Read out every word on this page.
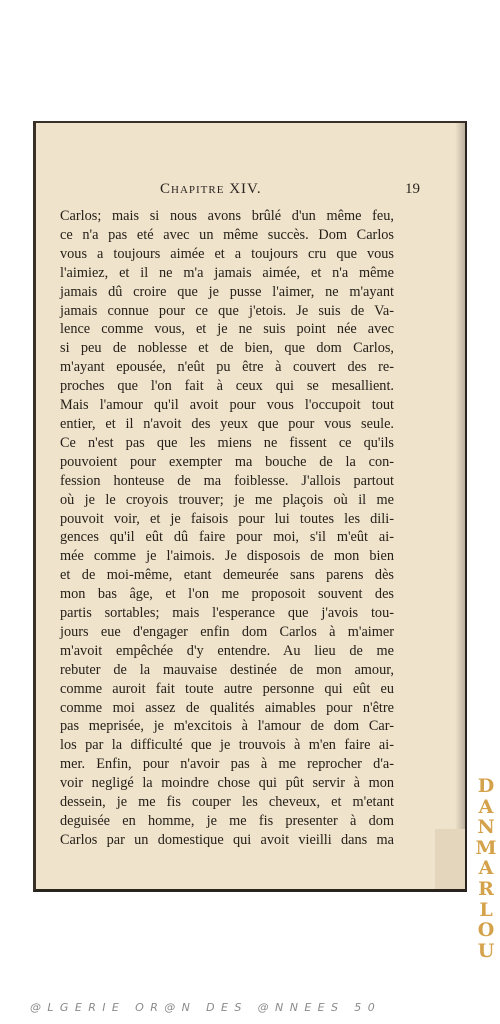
Chapitre XIV.	19
Carlos; mais si nous avons brûlé d'un même feu,
ce n'a pas eté avec un même succès. Dom Carlos
vous a toujours aimée et a toujours cru que vous
l'aimiez, et il ne m'a jamais aimée, et n'a même
jamais dû croire que je pusse l'aimer, ne m'ayant
jamais connue pour ce que j'etois. Je suis de Va-
lence comme vous, et je ne suis point née avec
si peu de noblesse et de bien, que dom Carlos,
m'ayant epousée, n'eût pu être à couvert des re-
proches que l'on fait à ceux qui se mesallient.
Mais l'amour qu'il avoit pour vous l'occupoit tout
entier, et il n'avoit des yeux que pour vous seule.
Ce n'est pas que les miens ne fissent ce qu'ils
pouvoient pour exempter ma bouche de la con-
fession honteuse de ma foiblesse. J'allois partout
où je le croyois trouver; je me plaçois où il me
pouvoit voir, et je faisois pour lui toutes les dili-
gences qu'il eût dû faire pour moi, s'il m'eût ai-
mée comme je l'aimois. Je disposois de mon bien
et de moi-même, etant demeurée sans parens dès
mon bas âge, et l'on me proposoit souvent des
partis sortables; mais l'esperance que j'avois tou-
jours eue d'engager enfin dom Carlos à m'aimer
m'avoit empêchée d'y entendre. Au lieu de me
rebuter de la mauvaise destinée de mon amour,
comme auroit fait toute autre personne qui eût eu
comme moi assez de qualités aimables pour n'être
pas meprisée, je m'excitois à l'amour de dom Car-
los par la difficulté que je trouvois à m'en faire ai-
mer. Enfin, pour n'avoir pas à me reprocher d'a-
voir negligé la moindre chose qui pût servir à mon
dessein, je me fis couper les cheveux, et m'etant
deguisée en homme, je me fis presenter à dom
Carlos par un domestique qui avoit vieilli dans ma
D
A
N
M
A
R
L
O
U
@LGERIE OR@N DES @NNEES 50
